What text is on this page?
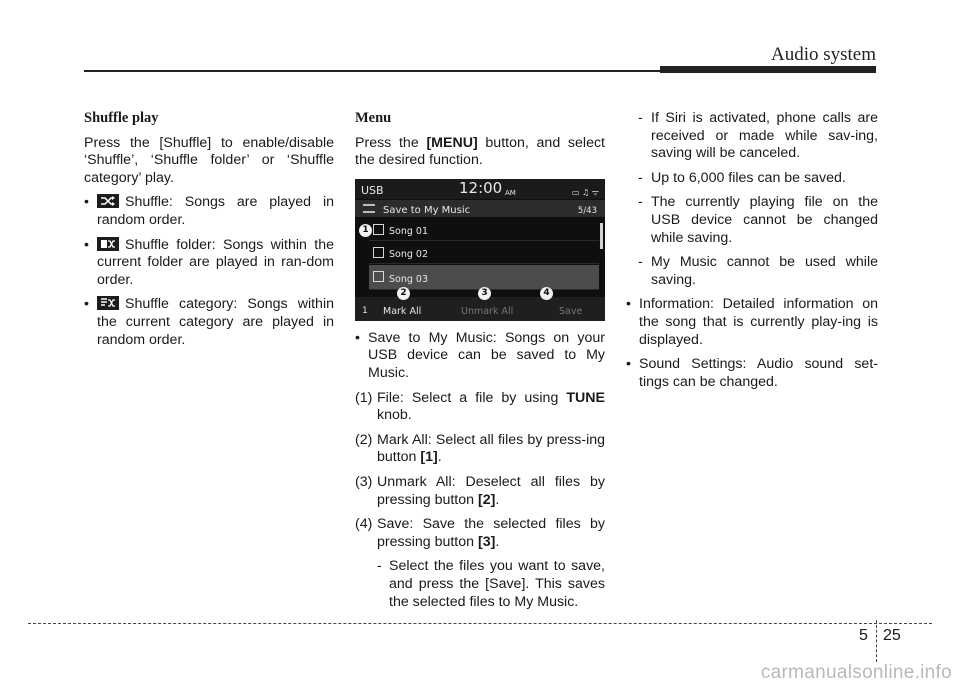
Audio system
Shuffle play
Press the [Shuffle] to enable/disable ‘Shuffle’, ‘Shuffle folder’ or ‘Shuffle category’ play.
•	Shuffle: Songs are played in random order.
•	Shuffle folder: Songs within the current folder are played in ran-dom order.
•	Shuffle category: Songs within the current category are played in random order.
Menu
Press the [MENU] button, and select the desired function.
USB	12:00 AM	▭ ♫ ᯤ
Save to My Music	5/43
Song 01
Song 02
Song 03
1 Mark All	Unmark All	Save
1
2	3	4
• Save to My Music: Songs on your USB device can be saved to My Music.
(1) File: Select a file by using TUNE knob.
(2) Mark All: Select all files by press-ing button [1].
(3) Unmark All: Deselect all files by pressing button [2].
(4) Save: Save the selected files by pressing button [3].
- Select the files you want to save, and press the [Save]. This saves the selected files to My Music.
- If Siri is activated, phone calls are received or made while sav-ing, saving will be canceled.
- Up to 6,000 files can be saved.
- The currently playing file on the USB device cannot be changed while saving.
- My Music cannot be used while saving.
• Information: Detailed information on the song that is currently play-ing is displayed.
• Sound Settings: Audio sound set-tings can be changed.
5 25
carmanualsonline.info
